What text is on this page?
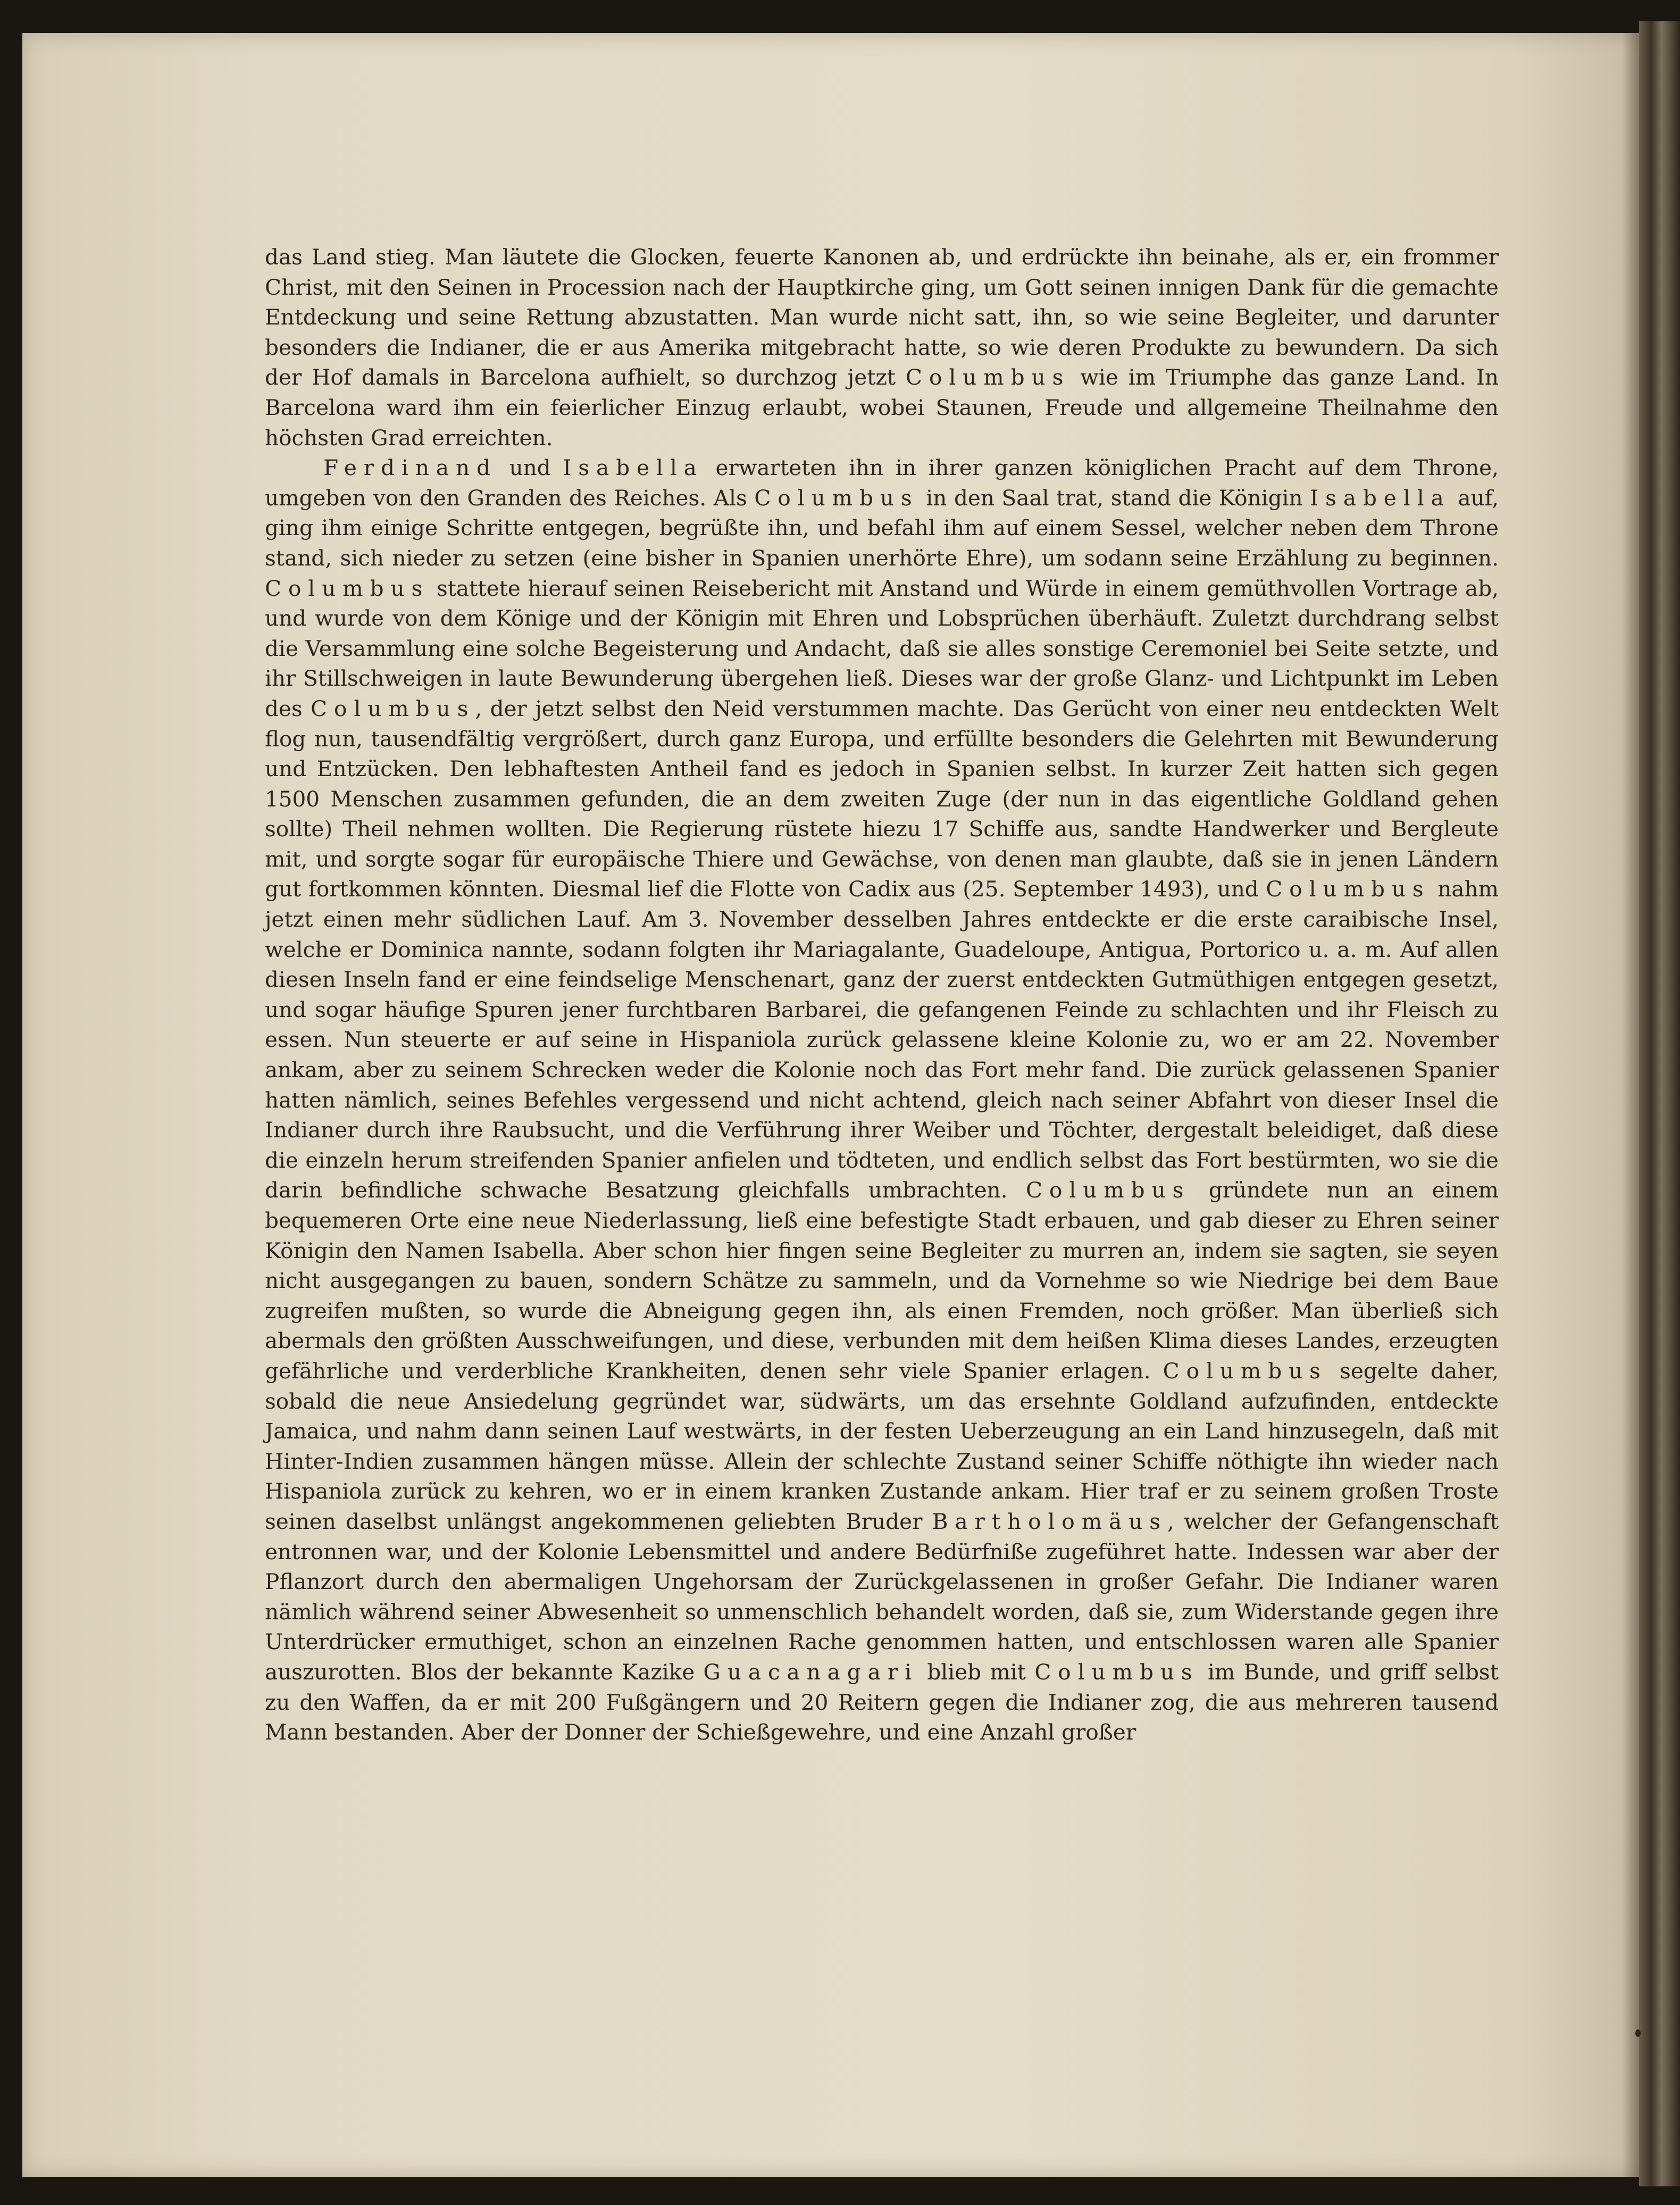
das Land stieg. Man läutete die Glocken, feuerte Kanonen ab, und erdrückte ihn beinahe, als er, ein frommer Christ, mit den Seinen in Procession nach der Hauptkirche ging, um Gott seinen innigen Dank für die gemachte Entdeckung und seine Rettung abzustatten. Man wurde nicht satt, ihn, so wie seine Begleiter, und darunter besonders die Indianer, die er aus Amerika mitgebracht hatte, so wie deren Produkte zu bewundern. Da sich der Hof damals in Barcelona aufhielt, so durchzog jetzt Columbus wie im Triumphe das ganze Land. In Barcelona ward ihm ein feierlicher Einzug erlaubt, wobei Staunen, Freude und allgemeine Theilnahme den höchsten Grad erreichten.

Ferdinand und Isabella erwarteten ihn in ihrer ganzen königlichen Pracht auf dem Throne, umgeben von den Granden des Reiches. Als Columbus in den Saal trat, stand die Königin Isabella auf, ging ihm einige Schritte entgegen, begrüßte ihn, und befahl ihm auf einem Sessel, welcher neben dem Throne stand, sich nieder zu setzen (eine bisher in Spanien unerhörte Ehre), um sodann seine Erzählung zu beginnen. Columbus stattete hierauf seinen Reisebericht mit Anstand und Würde in einem gemüthvollen Vortrage ab, und wurde von dem Könige und der Königin mit Ehren und Lobsprüchen überhäuft. Zuletzt durchdrang selbst die Versammlung eine solche Begeisterung und Andacht, daß sie alles sonstige Ceremoniel bei Seite setzte, und ihr Stillschweigen in laute Bewunderung übergehen ließ. Dieses war der große Glanz- und Lichtpunkt im Leben des Columbus, der jetzt selbst den Neid verstummen machte. Das Gerücht von einer neu entdeckten Welt flog nun, tausendfältig vergrößert, durch ganz Europa, und erfüllte besonders die Gelehrten mit Bewunderung und Entzücken. Den lebhaftesten Antheil fand es jedoch in Spanien selbst. In kurzer Zeit hatten sich gegen 1500 Menschen zusammen gefunden, die an dem zweiten Zuge (der nun in das eigentliche Goldland gehen sollte) Theil nehmen wollten. Die Regierung rüstete hiezu 17 Schiffe aus, sandte Handwerker und Bergleute mit, und sorgte sogar für europäische Thiere und Gewächse, von denen man glaubte, daß sie in jenen Ländern gut fortkommen könnten. Diesmal lief die Flotte von Cadix aus (25. September 1493), und Columbus nahm jetzt einen mehr südlichen Lauf. Am 3. November desselben Jahres entdeckte er die erste caraibische Insel, welche er Dominica nannte, sodann folgten ihr Mariagalante, Guadeloupe, Antigua, Portorico u. a. m. Auf allen diesen Inseln fand er eine feindselige Menschenart, ganz der zuerst entdeckten Gutmüthigen entgegen gesetzt, und sogar häufige Spuren jener furchtbaren Barbarei, die gefangenen Feinde zu schlachten und ihr Fleisch zu essen. Nun steuerte er auf seine in Hispaniola zurück gelassene kleine Kolonie zu, wo er am 22. November ankam, aber zu seinem Schrecken weder die Kolonie noch das Fort mehr fand. Die zurück gelassenen Spanier hatten nämlich, seines Befehles vergessend und nicht achtend, gleich nach seiner Abfahrt von dieser Insel die Indianer durch ihre Raubsucht, und die Verführung ihrer Weiber und Töchter, dergestalt beleidiget, daß diese die einzeln herum streifenden Spanier anfielen und tödteten, und endlich selbst das Fort bestürmten, wo sie die darin befindliche schwache Besatzung gleichfalls umbrachten. Columbus gründete nun an einem bequemeren Orte eine neue Niederlassung, ließ eine befestigte Stadt erbauen, und gab dieser zu Ehren seiner Königin den Namen Isabella. Aber schon hier fingen seine Begleiter zu murren an, indem sie sagten, sie seyen nicht ausgegangen zu bauen, sondern Schätze zu sammeln, und da Vornehme so wie Niedrige bei dem Baue zugreifen mußten, so wurde die Abneigung gegen ihn, als einen Fremden, noch größer. Man überließ sich abermals den größten Ausschweifungen, und diese, verbunden mit dem heißen Klima dieses Landes, erzeugten gefährliche und verderbliche Krankheiten, denen sehr viele Spanier erlagen. Columbus segelte daher, sobald die neue Ansiedelung gegründet war, südwärts, um das ersehnte Goldland aufzufinden, entdeckte Jamaica, und nahm dann seinen Lauf westwärts, in der festen Ueberzeugung an ein Land hinzusegeln, daß mit Hinter-Indien zusammen hängen müsse. Allein der schlechte Zustand seiner Schiffe nöthigte ihn wieder nach Hispaniola zurück zu kehren, wo er in einem kranken Zustande ankam. Hier traf er zu seinem großen Troste seinen daselbst unlängst angekommenen geliebten Bruder Bartholomäus, welcher der Gefangenschaft entronnen war, und der Kolonie Lebensmittel und andere Bedürfniße zugeführet hatte. Indessen war aber der Pflanzort durch den abermaligen Ungehorsam der Zurückgelassenen in großer Gefahr. Die Indianer waren nämlich während seiner Abwesenheit so unmenschlich behandelt worden, daß sie, zum Widerstande gegen ihre Unterdrücker ermuthiget, schon an einzelnen Rache genommen hatten, und entschlossen waren alle Spanier auszurotten. Blos der bekannte Kazike Guacanagari blieb mit Columbus im Bunde, und griff selbst zu den Waffen, da er mit 200 Fußgängern und 20 Reitern gegen die Indianer zog, die aus mehreren tausend Mann bestanden. Aber der Donner der Schießgewehre, und eine Anzahl großer
